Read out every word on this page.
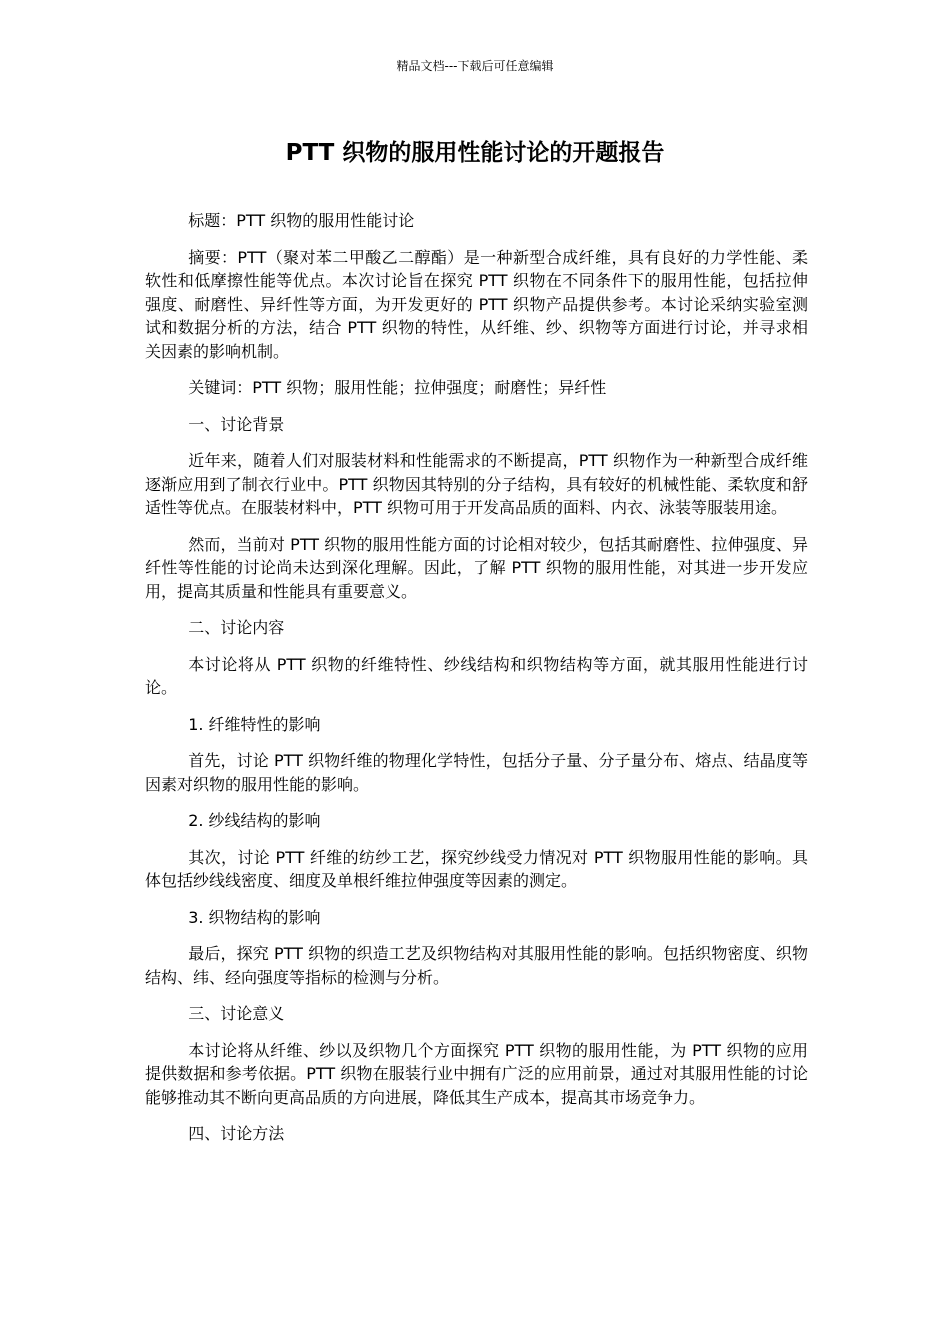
精品文档---下载后可任意编辑
PTT 织物的服用性能讨论的开题报告

标题：PTT 织物的服用性能讨论

摘要：PTT（聚对苯二甲酸乙二醇酯）是一种新型合成纤维，具有良好的力学性能、柔软性和低摩擦性能等优点。本次讨论旨在探究 PTT 织物在不同条件下的服用性能，包括拉伸强度、耐磨性、异纤性等方面，为开发更好的 PTT 织物产品提供参考。本讨论采纳实验室测试和数据分析的方法，结合 PTT 织物的特性，从纤维、纱、织物等方面进行讨论，并寻求相关因素的影响机制。

关键词：PTT 织物；服用性能；拉伸强度；耐磨性；异纤性

一、讨论背景

近年来，随着人们对服装材料和性能需求的不断提高，PTT 织物作为一种新型合成纤维逐渐应用到了制衣行业中。PTT 织物因其特别的分子结构，具有较好的机械性能、柔软度和舒适性等优点。在服装材料中，PTT 织物可用于开发高品质的面料、内衣、泳装等服装用途。

然而，当前对 PTT 织物的服用性能方面的讨论相对较少，包括其耐磨性、拉伸强度、异纤性等性能的讨论尚未达到深化理解。因此，了解 PTT 织物的服用性能，对其进一步开发应用，提高其质量和性能具有重要意义。

二、讨论内容

本讨论将从 PTT 织物的纤维特性、纱线结构和织物结构等方面，就其服用性能进行讨论。

1. 纤维特性的影响

首先，讨论 PTT 织物纤维的物理化学特性，包括分子量、分子量分布、熔点、结晶度等因素对织物的服用性能的影响。

2. 纱线结构的影响

其次，讨论 PTT 纤维的纺纱工艺，探究纱线受力情况对 PTT 织物服用性能的影响。具体包括纱线线密度、细度及单根纤维拉伸强度等因素的测定。

3. 织物结构的影响

最后，探究 PTT 织物的织造工艺及织物结构对其服用性能的影响。包括织物密度、织物结构、纬、经向强度等指标的检测与分析。

三、讨论意义

本讨论将从纤维、纱以及织物几个方面探究 PTT 织物的服用性能，为 PTT 织物的应用提供数据和参考依据。PTT 织物在服装行业中拥有广泛的应用前景，通过对其服用性能的讨论能够推动其不断向更高品质的方向进展，降低其生产成本，提高其市场竞争力。

四、讨论方法
